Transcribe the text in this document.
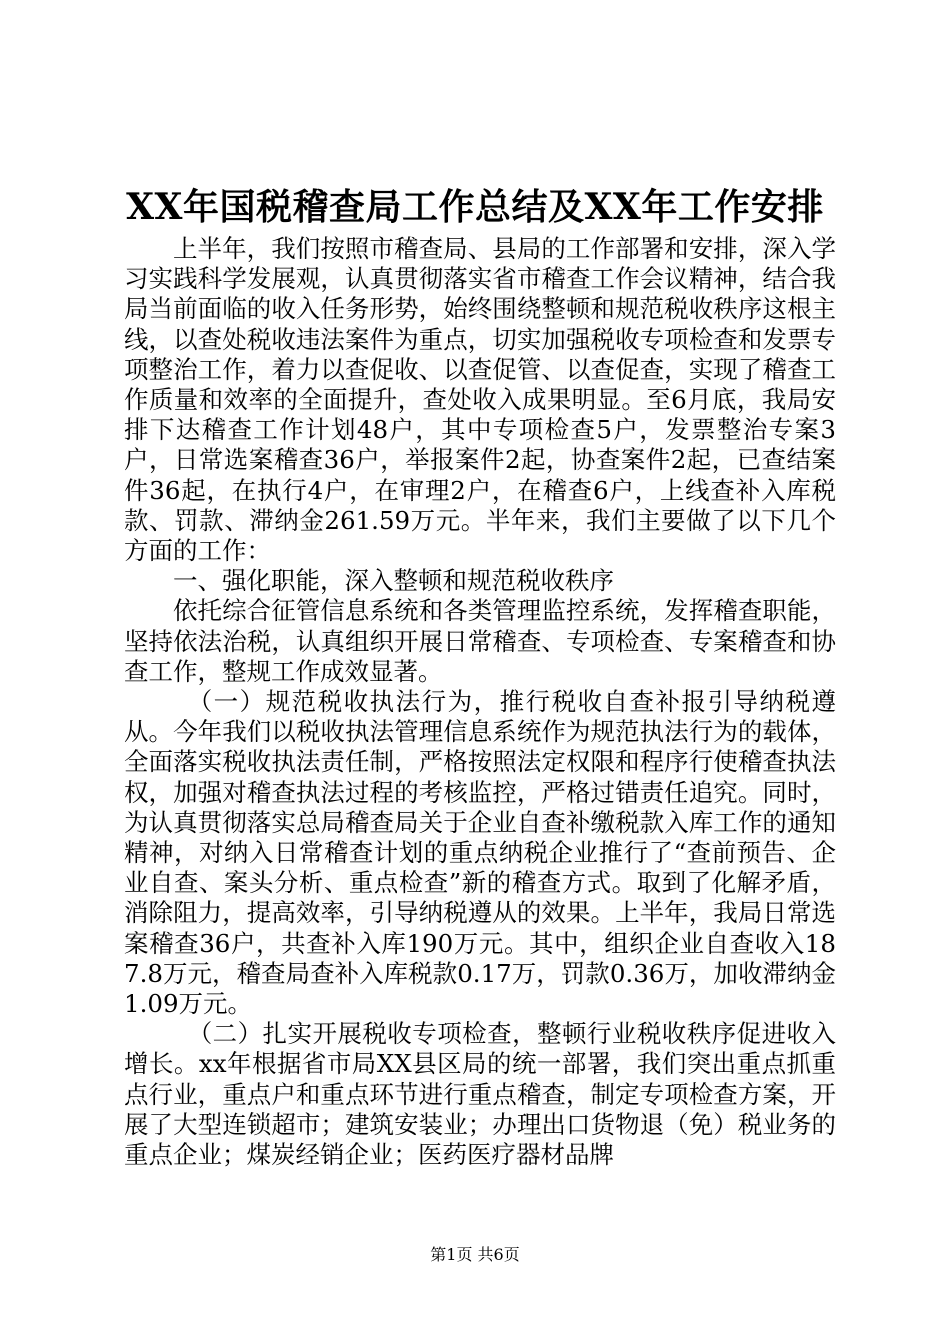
XX年国税稽查局工作总结及XX年工作安排

上半年，我们按照市稽查局、县局的工作部署和安排，深入学习实践科学发展观，认真贯彻落实省市稽查工作会议精神，结合我局当前面临的收入任务形势，始终围绕整顿和规范税收秩序这根主线，以查处税收违法案件为重点，切实加强税收专项检查和发票专项整治工作，着力以查促收、以查促管、以查促查，实现了稽查工作质量和效率的全面提升，查处收入成果明显。至6月底，我局安排下达稽查工作计划48户，其中专项检查5户，发票整治专案3户，日常选案稽查36户，举报案件2起，协查案件2起，已查结案件36起，在执行4户，在审理2户，在稽查6户，上线查补入库税款、罚款、滞纳金261.59万元。半年来，我们主要做了以下几个方面的工作：

一、强化职能，深入整顿和规范税收秩序

依托综合征管信息系统和各类管理监控系统，发挥稽查职能，坚持依法治税，认真组织开展日常稽查、专项检查、专案稽查和协查工作，整规工作成效显著。

（一）规范税收执法行为，推行税收自查补报引导纳税遵从。今年我们以税收执法管理信息系统作为规范执法行为的载体，全面落实税收执法责任制，严格按照法定权限和程序行使稽查执法权，加强对稽查执法过程的考核监控，严格过错责任追究。同时，为认真贯彻落实总局稽查局关于企业自查补缴税款入库工作的通知精神，对纳入日常稽查计划的重点纳税企业推行了“查前预告、企业自查、案头分析、重点检查”新的稽查方式。取到了化解矛盾，消除阻力，提高效率，引导纳税遵从的效果。上半年，我局日常选案稽查36户，共查补入库190万元。其中，组织企业自查收入187.8万元，稽查局查补入库税款0.17万，罚款0.36万，加收滞纳金1.09万元。

（二）扎实开展税收专项检查，整顿行业税收秩序促进收入增长。xx年根据省市局XX县区局的统一部署，我们突出重点抓重点行业，重点户和重点环节进行重点稽查，制定专项检查方案，开展了大型连锁超市；建筑安装业；办理出口货物退（免）税业务的重点企业；煤炭经销企业；医药医疗器材品牌

第1页 共6页
